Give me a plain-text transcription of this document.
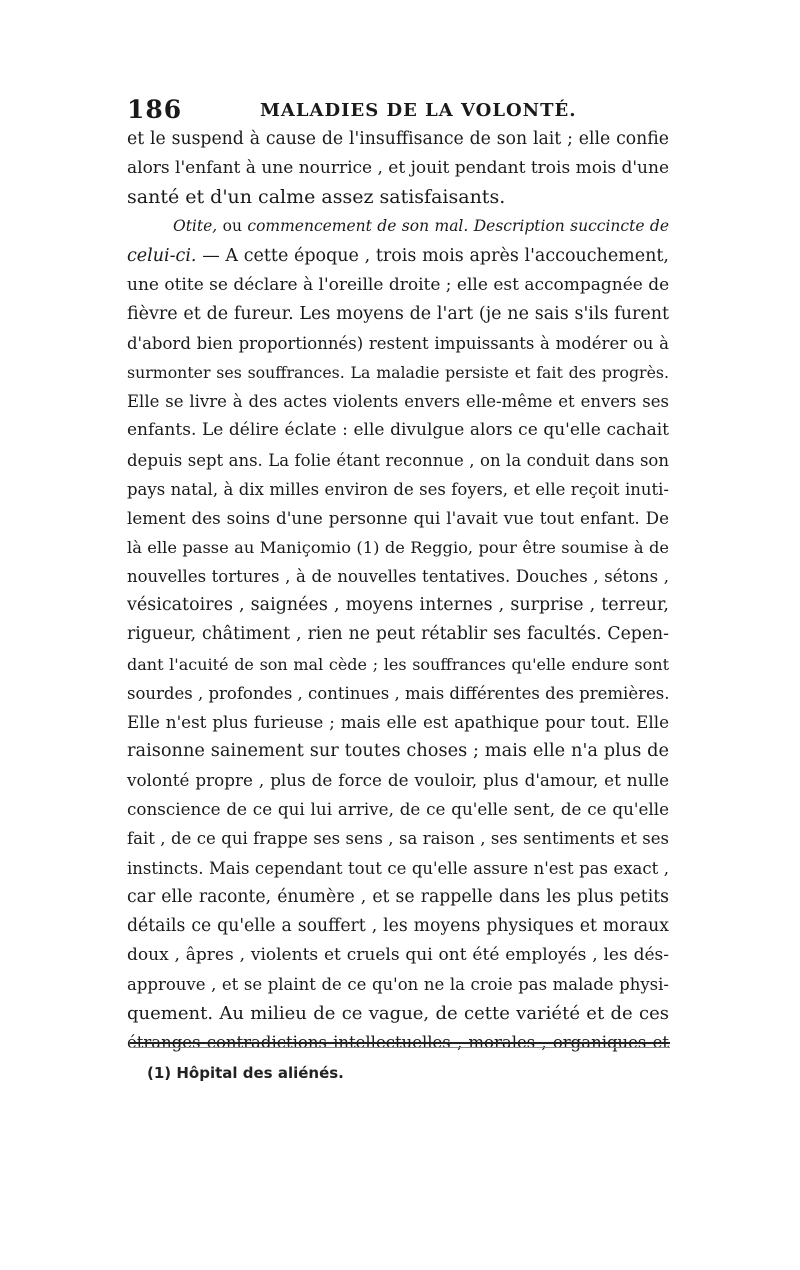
186	MALADIES DE LA VOLONTÉ.
et le suspend à cause de l'insuffisance de son lait ; elle confie
alors l'enfant à une nourrice , et jouit pendant trois mois d'une
santé et d'un calme assez satisfaisants.
Otite, ou commencement de son mal. Description succincte de
celui-ci. — A cette époque , trois mois après l'accouchement,
une otite se déclare à l'oreille droite ; elle est accompagnée de
fièvre et de fureur. Les moyens de l'art (je ne sais s'ils furent
d'abord bien proportionnés) restent impuissants à modérer ou à
surmonter ses souffrances. La maladie persiste et fait des progrès.
Elle se livre à des actes violents envers elle-même et envers ses
enfants. Le délire éclate : elle divulgue alors ce qu'elle cachait
depuis sept ans. La folie étant reconnue , on la conduit dans son
pays natal, à dix milles environ de ses foyers, et elle reçoit inuti-
lement des soins d'une personne qui l'avait vue tout enfant. De
là elle passe au Maniçomio (1) de Reggio, pour être soumise à de
nouvelles tortures , à de nouvelles tentatives. Douches , sétons ,
vésicatoires , saignées , moyens internes , surprise , terreur,
rigueur, châtiment , rien ne peut rétablir ses facultés. Cepen-
dant l'acuité de son mal cède ; les souffrances qu'elle endure sont
sourdes , profondes , continues , mais différentes des premières.
Elle n'est plus furieuse ; mais elle est apathique pour tout. Elle
raisonne sainement sur toutes choses ; mais elle n'a plus de
volonté propre , plus de force de vouloir, plus d'amour, et nulle
conscience de ce qui lui arrive, de ce qu'elle sent, de ce qu'elle
fait , de ce qui frappe ses sens , sa raison , ses sentiments et ses
instincts. Mais cependant tout ce qu'elle assure n'est pas exact ,
car elle raconte, énumère , et se rappelle dans les plus petits
détails ce qu'elle a souffert , les moyens physiques et moraux
doux , âpres , violents et cruels qui ont été employés , les dés-
approuve , et se plaint de ce qu'on ne la croie pas malade physi-
quement. Au milieu de ce vague, de cette variété et de ces
étranges contradictions intellectuelles , morales , organiques et
(1) Hôpital des aliénés.
